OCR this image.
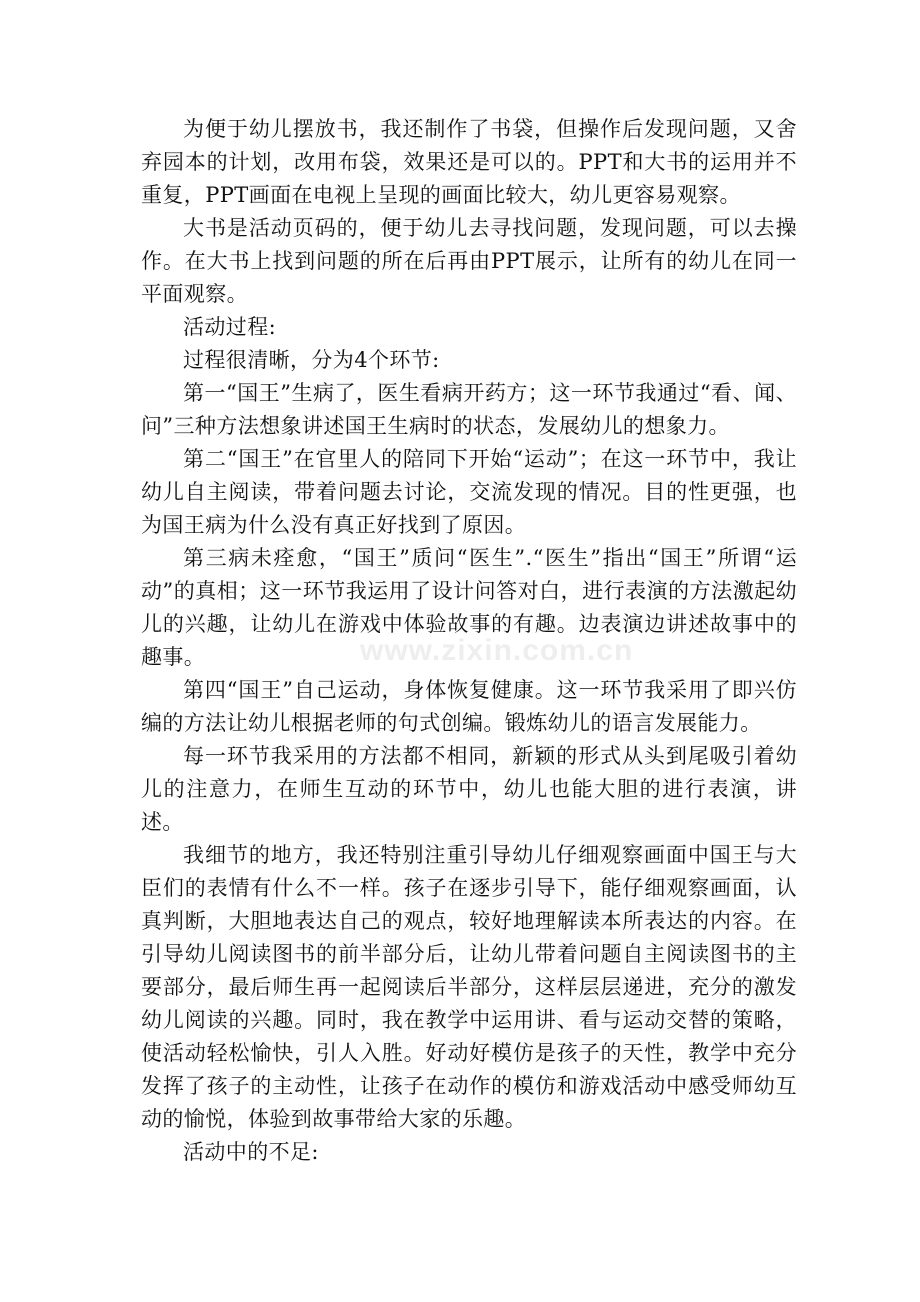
为便于幼儿摆放书，我还制作了书袋，但操作后发现问题，又舍弃园本的计划，改用布袋，效果还是可以的。PPT和大书的运用并不重复，PPT画面在电视上呈现的画面比较大，幼儿更容易观察。

大书是活动页码的，便于幼儿去寻找问题，发现问题，可以去操作。在大书上找到问题的所在后再由PPT展示，让所有的幼儿在同一平面观察。

活动过程:

过程很清晰，分为4个环节:

第一“国王”生病了，医生看病开药方；这一环节我通过“看、闻、问”三种方法想象讲述国王生病时的状态，发展幼儿的想象力。

第二“国王”在官里人的陪同下开始“运动”；在这一环节中，我让幼儿自主阅读，带着问题去讨论，交流发现的情况。目的性更强，也为国王病为什么没有真正好找到了原因。

第三病未痊愈，“国王”质问“医生”.“医生”指出“国王”所谓“运动”的真相；这一环节我运用了设计问答对白，进行表演的方法激起幼儿的兴趣，让幼儿在游戏中体验故事的有趣。边表演边讲述故事中的趣事。

第四“国王”自己运动，身体恢复健康。这一环节我采用了即兴仿编的方法让幼儿根据老师的句式创编。锻炼幼儿的语言发展能力。

每一环节我采用的方法都不相同，新颖的形式从头到尾吸引着幼儿的注意力，在师生互动的环节中，幼儿也能大胆的进行表演，讲述。

我细节的地方，我还特别注重引导幼儿仔细观察画面中国王与大臣们的表情有什么不一样。孩子在逐步引导下，能仔细观察画面，认真判断，大胆地表达自己的观点，较好地理解读本所表达的内容。在引导幼儿阅读图书的前半部分后，让幼儿带着问题自主阅读图书的主要部分，最后师生再一起阅读后半部分，这样层层递进，充分的激发幼儿阅读的兴趣。同时，我在教学中运用讲、看与运动交替的策略，使活动轻松愉快，引人入胜。好动好模仿是孩子的天性，教学中充分发挥了孩子的主动性，让孩子在动作的模仿和游戏活动中感受师幼互动的愉悦，体验到故事带给大家的乐趣。

活动中的不足:

www.zixin.com.cn
